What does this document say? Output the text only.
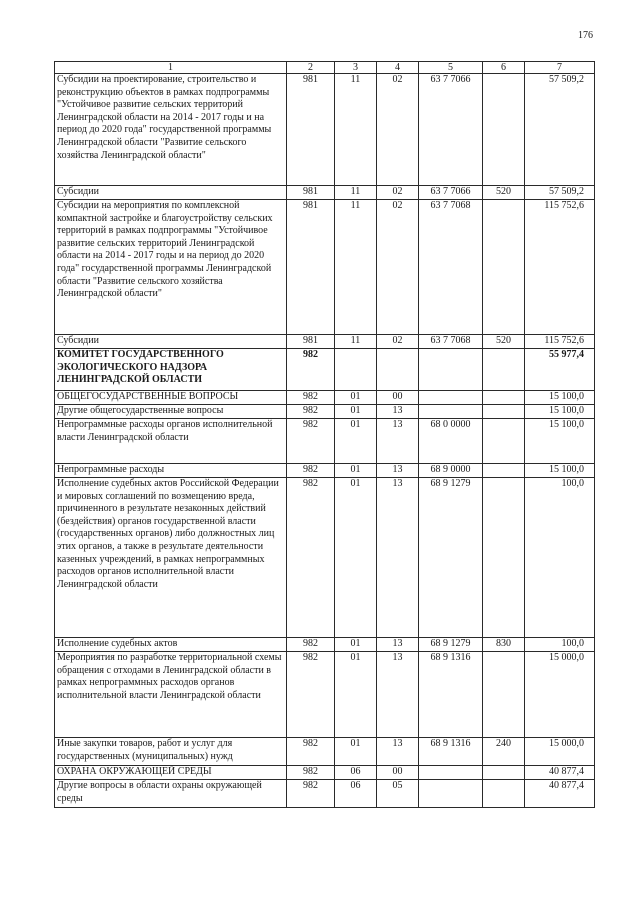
176
1	2	3	4	5	6	7
Субсидии на проектирование, строительство и реконструкцию объектов в рамках подпрограммы "Устойчивое развитие сельских территорий Ленинградской области на 2014 - 2017 годы и на период до 2020 года" государственной программы Ленинградской области "Развитие сельского хозяйства Ленинградской области"	981	11	02	63 7 7066		57 509,2
Субсидии	981	11	02	63 7 7066	520	57 509,2
Субсидии на мероприятия по комплексной компактной застройке и благоустройству сельских территорий в рамках подпрограммы "Устойчивое развитие сельских территорий Ленинградской области на 2014 - 2017 годы и на период до 2020 года" государственной программы Ленинградской области "Развитие сельского хозяйства Ленинградской области"	981	11	02	63 7 7068		115 752,6
Субсидии	981	11	02	63 7 7068	520	115 752,6
КОМИТЕТ ГОСУДАРСТВЕННОГО ЭКОЛОГИЧЕСКОГО НАДЗОРА ЛЕНИНГРАДСКОЙ ОБЛАСТИ	982					55 977,4
ОБЩЕГОСУДАРСТВЕННЫЕ ВОПРОСЫ	982	01	00			15 100,0
Другие общегосударственные вопросы	982	01	13			15 100,0
Непрограммные расходы органов исполнительной власти Ленинградской области	982	01	13	68 0 0000		15 100,0
Непрограммные расходы	982	01	13	68 9 0000		15 100,0
Исполнение судебных актов Российской Федерации и мировых соглашений по возмещению вреда, причиненного в результате незаконных действий (бездействия) органов государственной власти (государственных органов) либо должностных лиц этих органов, а также в результате деятельности казенных учреждений, в рамках непрограммных расходов органов исполнительной власти Ленинградской области	982	01	13	68 9 1279		100,0
Исполнение судебных актов	982	01	13	68 9 1279	830	100,0
Мероприятия по разработке территориальной схемы обращения с отходами в Ленинградской области в рамках непрограммных расходов органов исполнительной власти Ленинградской области	982	01	13	68 9 1316		15 000,0
Иные закупки товаров, работ и услуг для государственных (муниципальных) нужд	982	01	13	68 9 1316	240	15 000,0
ОХРАНА ОКРУЖАЮЩЕЙ СРЕДЫ	982	06	00			40 877,4
Другие вопросы в области охраны окружающей среды	982	06	05			40 877,4
